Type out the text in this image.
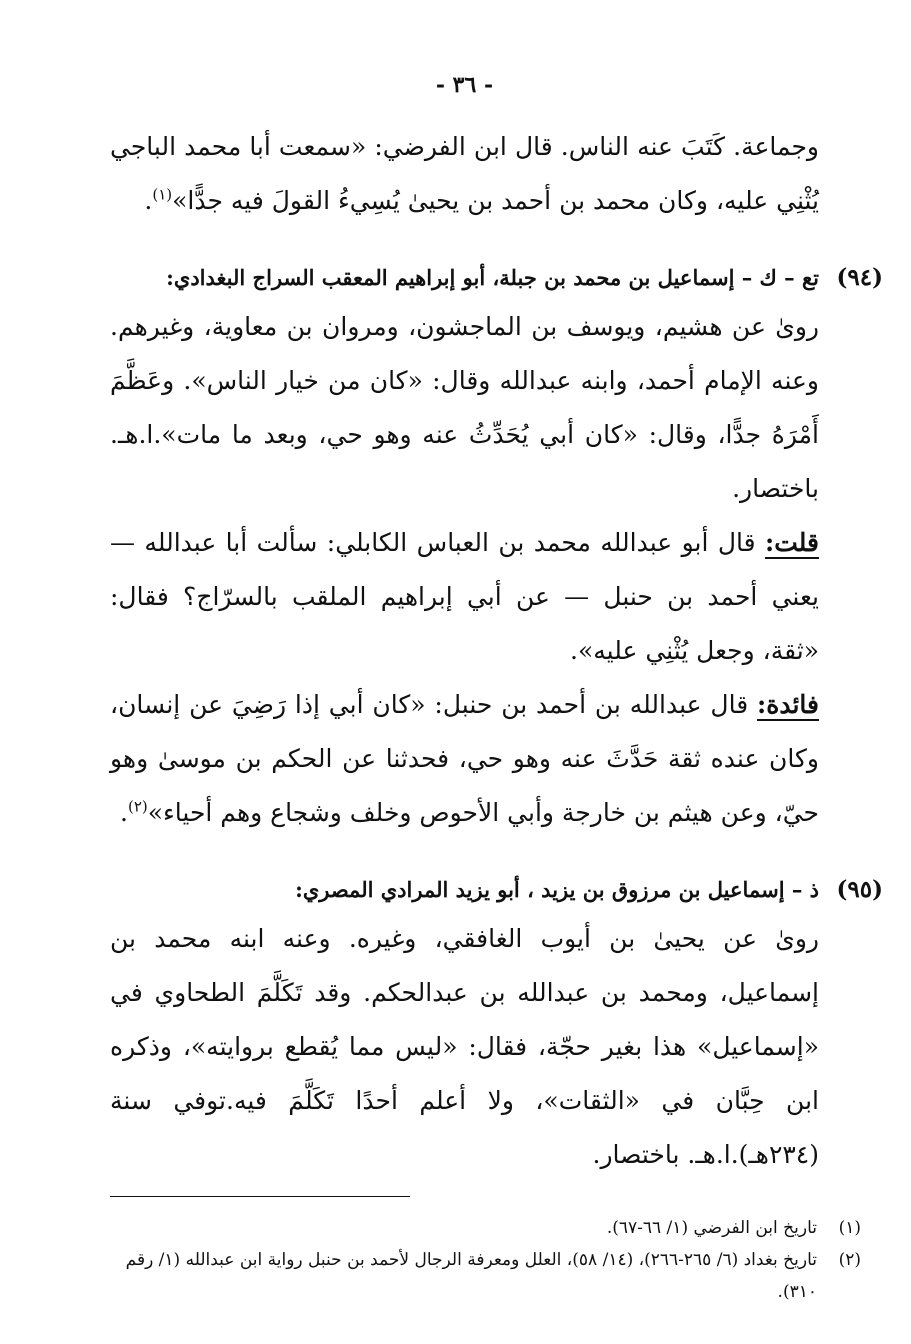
- ٣٦ -

وجماعة. كَتَبَ عنه الناس. قال ابن الفرضي: «سمعت أبا محمد الباجي يُثْنِي عليه، وكان محمد بن أحمد بن يحيىٰ يُسِيءُ القولَ فيه جدًّا»$^{(١)}$.

(٩٤)
تع – ك – إسماعيل بن محمد بن جبلة، أبو إبراهيم المعقب السراج البغدادي:

رویٰ عن هشيم، ويوسف بن الماجشون، ومروان بن معاوية، وغيرهم. وعنه الإمام أحمد، وابنه عبدالله وقال: «كان من خيار الناس». وعَظَّمَ أَمْرَهُ جدًّا، وقال: «كان أبي يُحَدِّثُ عنه وهو حي، وبعد ما مات».ا.هـ. باختصار.

قلت: قال أبو عبدالله محمد بن العباس الكابلي: سألت أبا عبدالله — يعني أحمد بن حنبل — عن أبي إبراهيم الملقب بالسرّاج؟ فقال: «ثقة، وجعل يُثْنِي عليه».

فائدة: قال عبدالله بن أحمد بن حنبل: «كان أبي إذا رَضِيَ عن إنسان، وكان عنده ثقة حَدَّثَ عنه وهو حي، فحدثنا عن الحكم بن موسىٰ وهو حيّ، وعن هيثم بن خارجة وأبي الأحوص وخلف وشجاع وهم أحياء»$^{(٢)}$.

(٩٥)
ذ – إسماعيل بن مرزوق بن يزيد ، أبو يزيد المرادي المصري:

رویٰ عن يحيىٰ بن أيوب الغافقي، وغيره. وعنه ابنه محمد بن إسماعيل، ومحمد بن عبدالله بن عبدالحكم. وقد تَكَلَّمَ الطحاوي في «إسماعيل» هذا بغير حجّة، فقال: «ليس مما يُقطع بروايته»، وذكره ابن حِبَّان في «الثقات»، ولا أعلم أحدًا تَكَلَّمَ فيه.توفي سنة (٢٣٤هـ).ا.هـ. باختصار.

(١)
تاريخ ابن الفرضي (١/ ٦٦-٦٧).
(٢)
تاريخ بغداد (٦/ ٢٦٥-٢٦٦)، (١٤/ ٥٨)، العلل ومعرفة الرجال لأحمد بن حنبل رواية ابن عبدالله (١/ رقم ٣١٠).
